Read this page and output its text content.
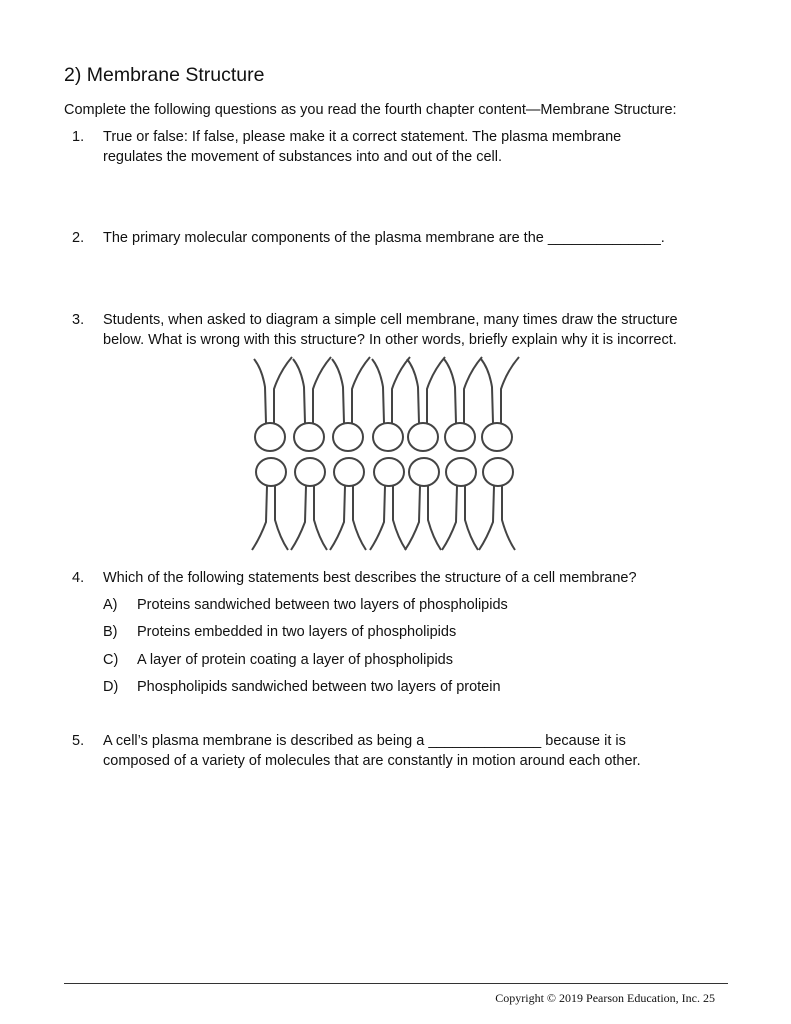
2) Membrane Structure
Complete the following questions as you read the fourth chapter content—Membrane Structure:
1. True or false: If false, please make it a correct statement. The plasma membrane
regulates the movement of substances into and out of the cell.
2. The primary molecular components of the plasma membrane are the ______________.
3. Students, when asked to diagram a simple cell membrane, many times draw the structure
below. What is wrong with this structure? In other words, briefly explain why it is incorrect.
4. Which of the following statements best describes the structure of a cell membrane?
A) Proteins sandwiched between two layers of phospholipids
B) Proteins embedded in two layers of phospholipids
C) A layer of protein coating a layer of phospholipids
D) Phospholipids sandwiched between two layers of protein
5. A cell’s plasma membrane is described as being a ______________ because it is
composed of a variety of molecules that are constantly in motion around each other.
Copyright © 2019 Pearson Education, Inc. 25
